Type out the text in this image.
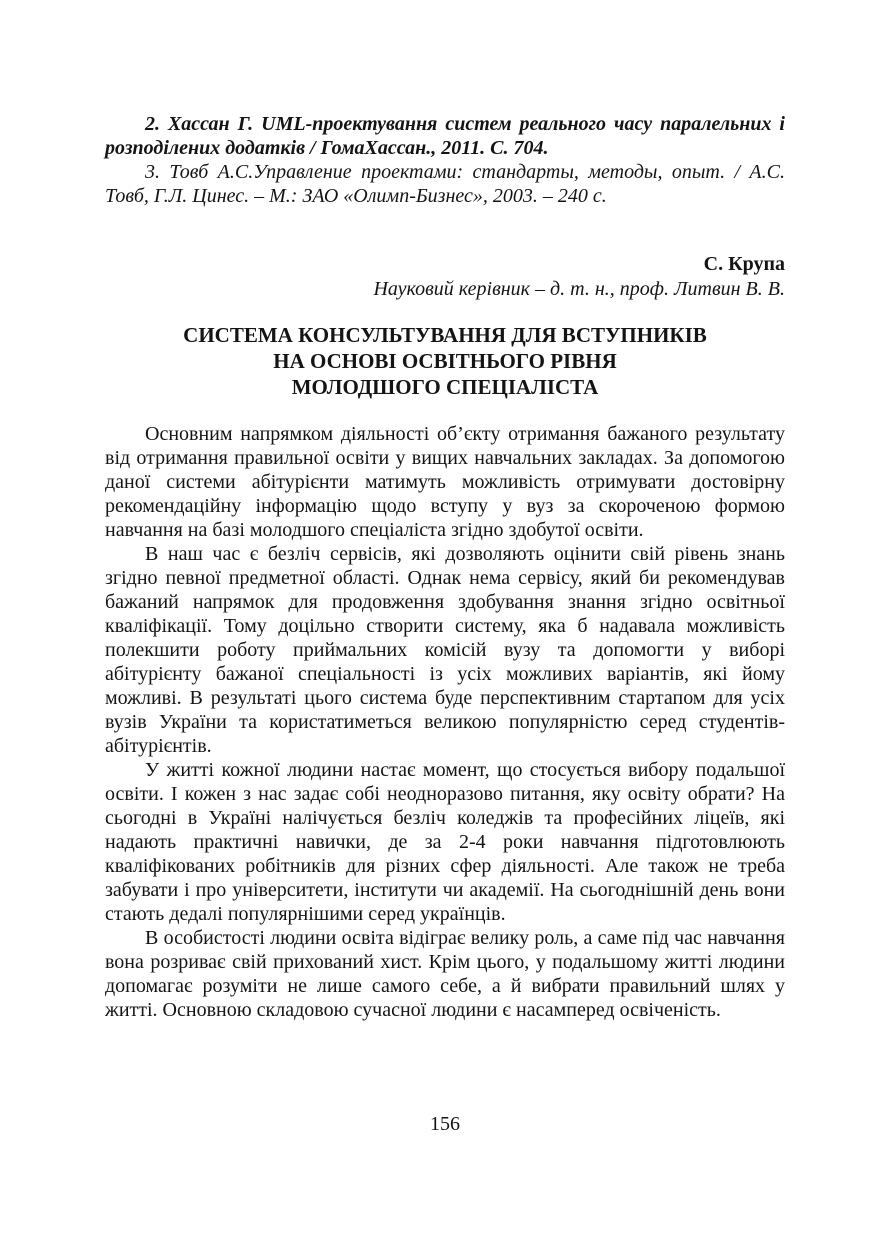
2. Хассан Г. UML-проектування систем реального часу паралельних і розподілених додатків / ГомаХассан., 2011. С. 704.

3. Товб А.С.Управление проектами: стандарты, методы, опыт. / А.С. Товб, Г.Л. Цинес. – М.: ЗАО «Олимп-Бизнес», 2003. – 240 с.

С. Крупа

Науковий керівник – д. т. н., проф. Литвин В. В.

СИСТЕМА КОНСУЛЬТУВАННЯ ДЛЯ ВСТУПНИКІВ
НА ОСНОВІ ОСВІТНЬОГО РІВНЯ
МОЛОДШОГО СПЕЦІАЛІСТА

Основним напрямком діяльності об’єкту отримання бажаного результату від отримання правильної освіти у вищих навчальних закладах. За допомогою даної системи абітурієнти матимуть можливість отримувати достовірну рекомендаційну інформацію щодо вступу у вуз за скороченою формою навчання на базі молодшого спеціаліста згідно здобутої освіти.

В наш час є безліч сервісів, які дозволяють оцінити свій рівень знань згідно певної предметної області. Однак нема сервісу, який би рекомендував бажаний напрямок для продовження здобування знання згідно освітньої кваліфікації. Тому доцільно створити систему, яка б надавала можливість полекшити роботу приймальних комісій вузу та допомогти у виборі абітурієнту бажаної спеціальності із усіх можливих варіантів, які йому можливі. В результаті цього система буде перспективним стартапом для усіх вузів України та користатиметься великою популярністю серед студентів-абітурієнтів.

У житті кожної людини настає момент, що стосується вибору подальшої освіти. І кожен з нас задає собі неодноразово питання, яку освіту обрати? На сьогодні в Україні налічується безліч коледжів та професійних ліцеїв, які надають практичні навички, де за 2-4 роки навчання підготовлюють кваліфікованих робітників для різних сфер діяльності. Але також не треба забувати і про університети, інститути чи академії. На сьогоднішній день вони стають дедалі популярнішими серед українців.

В особистості людини освіта відіграє велику роль, а саме під час навчання вона розриває свій прихований хист. Крім цього, у подальшому житті людини допомагає розуміти не лише самого себе, а й вибрати правильний шлях у житті. Основною складовою сучасної людини є насамперед освіченість.

156
